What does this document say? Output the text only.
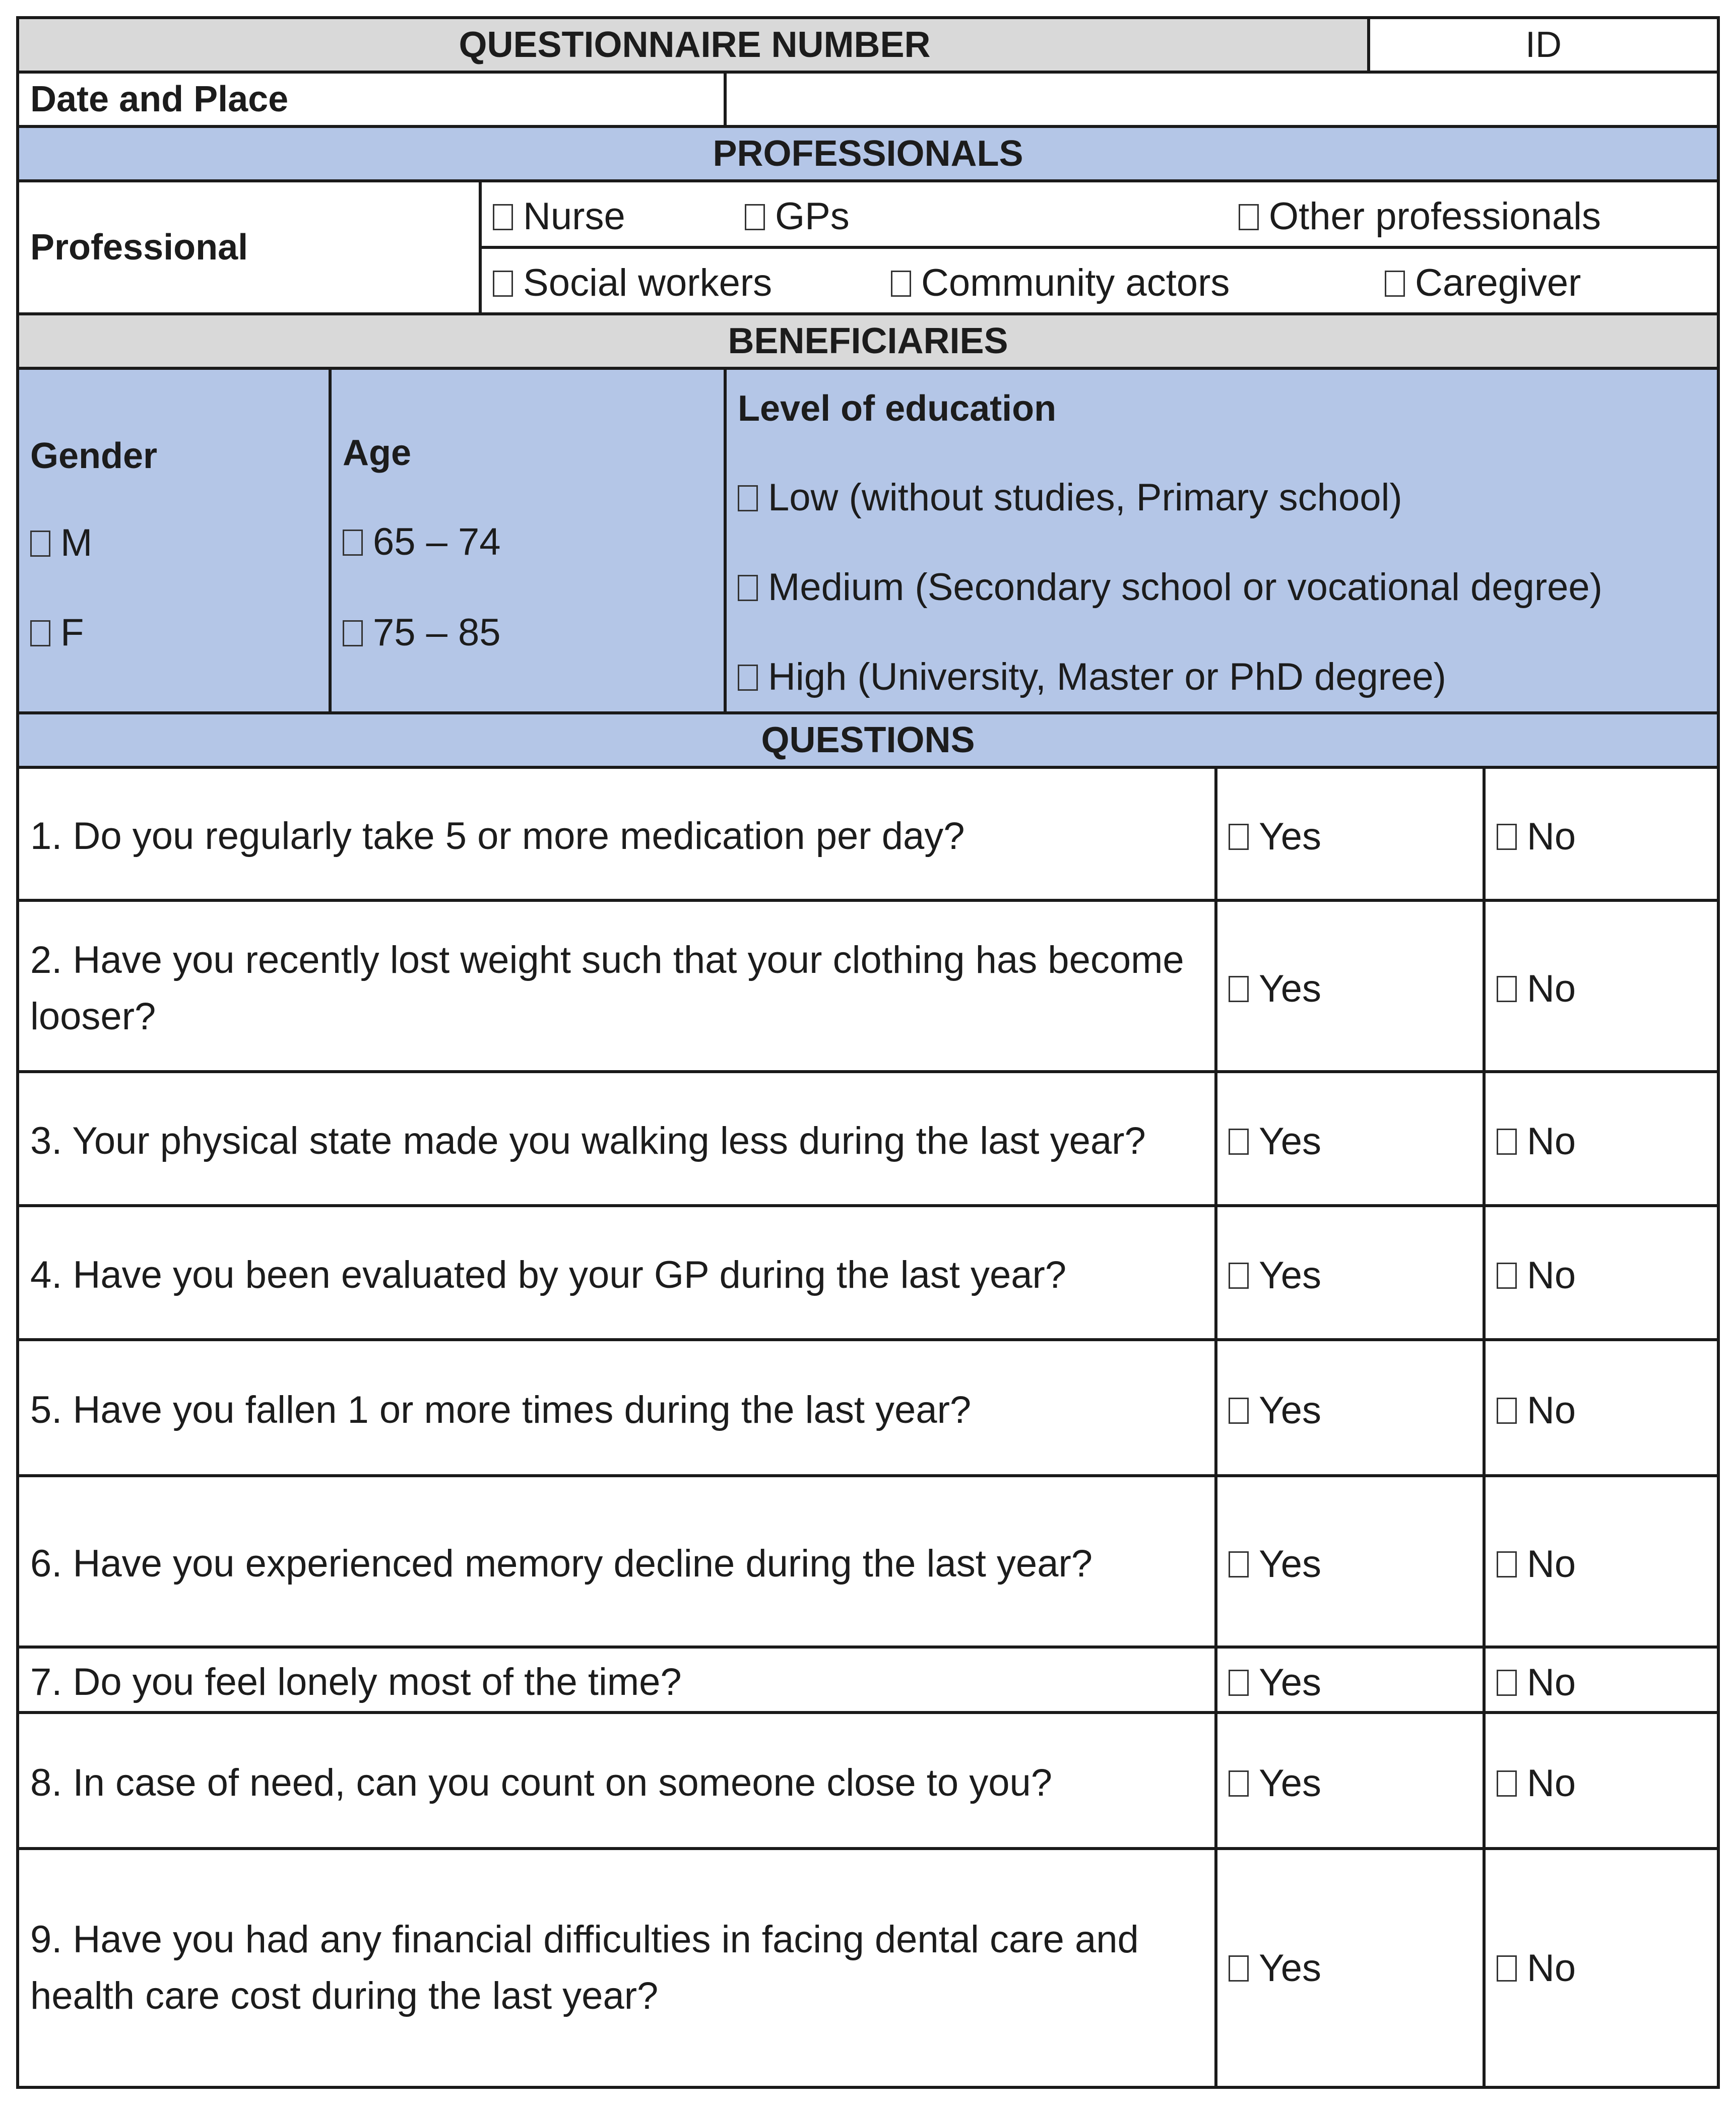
QUESTIONNAIRE NUMBER	ID
Date and Place
PROFESSIONALS
Professional
Nurse	GPs	Other professionals
Social workers	Community actors	Caregiver
BENEFICIARIES
Gender
M
F
Age
65 – 74
75 – 85
Level of education
Low (without studies, Primary school)
Medium (Secondary school or vocational degree)
High (University, Master or PhD degree)
QUESTIONS
1. Do you regularly take 5 or more medication per day?	Yes	No
2. Have you recently lost weight such that your clothing has become looser?
Yes	No
3. Your physical state made you walking less during the last year?	Yes	No
4. Have you been evaluated by your GP during the last year?	Yes	No
5. Have you fallen 1 or more times during the last year?	Yes	No
6. Have you experienced memory decline during the last year?	Yes	No
7. Do you feel lonely most of the time?	Yes	No
8. In case of need, can you count on someone close to you?	Yes	No
9. Have you had any financial difficulties in facing dental care and health care cost during the last year?
Yes	No
